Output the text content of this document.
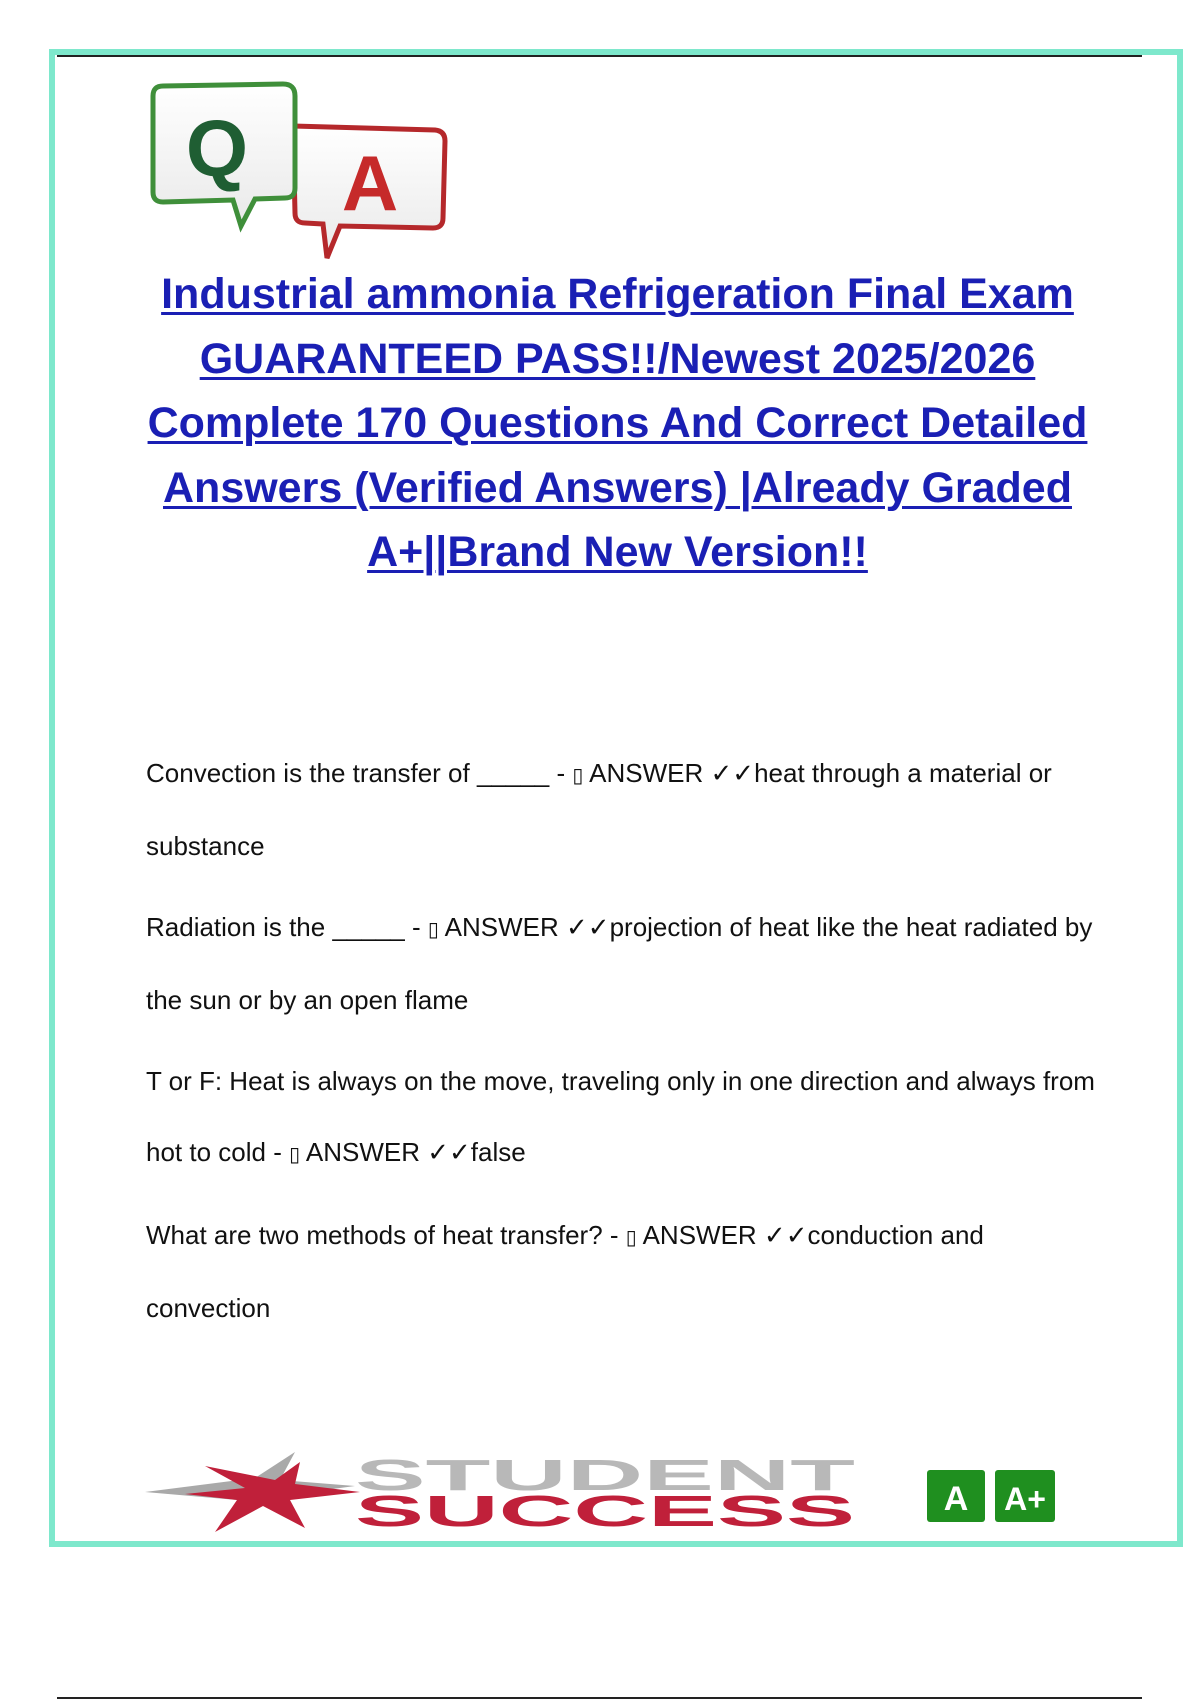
A
Q
Industrial ammonia Refrigeration Final Exam GUARANTEED PASS!!/Newest 2025/2026 Complete 170 Questions And Correct Detailed Answers (Verified Answers) |Already Graded A+||Brand New Version!!

Convection is the transfer of _____ - ▯ ANSWER ✓✓heat through a material or substance

Radiation is the _____ - ▯ ANSWER ✓✓projection of heat like the heat radiated by the sun or by an open flame

T or F: Heat is always on the move, traveling only in one direction and always from hot to cold - ▯ ANSWER ✓✓false

What are two methods of heat transfer? - ▯ ANSWER ✓✓conduction and convection

STUDENT
SUCCESS	A A+
